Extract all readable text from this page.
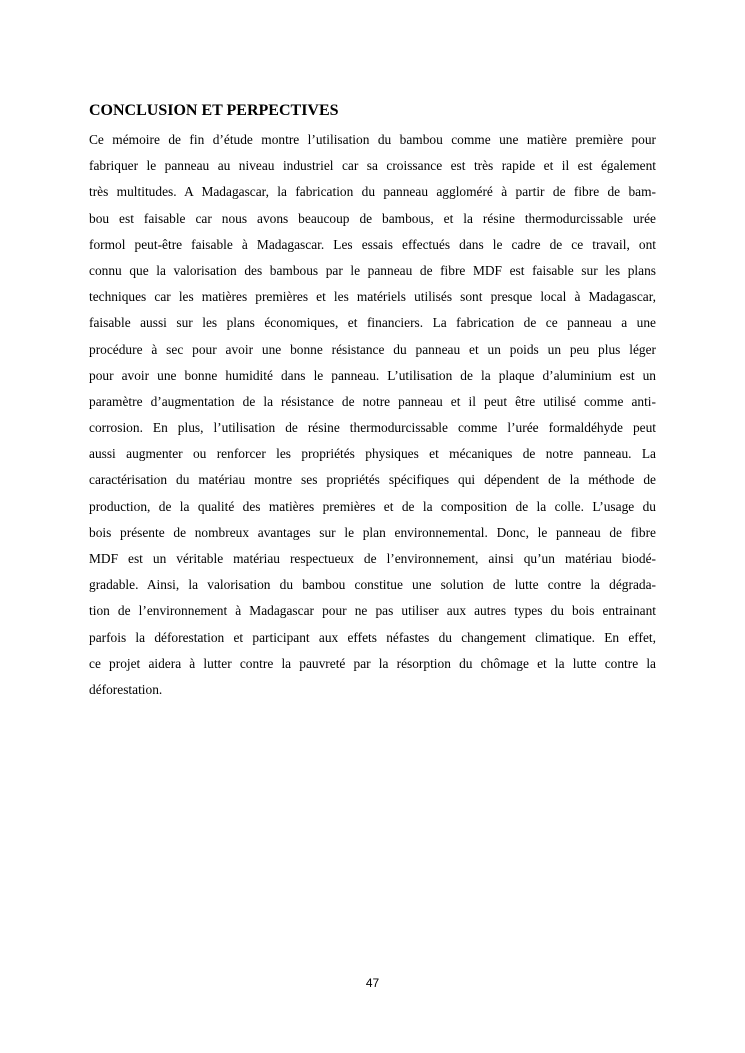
CONCLUSION ET PERPECTIVES
Ce mémoire de fin d’étude montre l’utilisation du bambou comme une matière première pour
fabriquer le panneau au niveau industriel car sa croissance est très rapide et il est également
très multitudes. A Madagascar, la fabrication du panneau aggloméré à partir de fibre de bam-
bou est faisable car nous avons beaucoup de bambous, et la résine thermodurcissable urée
formol peut-être faisable à Madagascar. Les essais effectués dans le cadre de ce travail, ont
connu que la valorisation des bambous par le panneau de fibre MDF est faisable sur les plans
techniques car les matières premières et les matériels utilisés sont presque local à Madagascar,
faisable aussi sur les plans économiques, et financiers. La fabrication de ce panneau a une
procédure à sec pour avoir une bonne résistance du panneau et un poids un peu plus léger
pour avoir une bonne humidité dans le panneau. L’utilisation de la plaque d’aluminium est un
paramètre d’augmentation de la résistance de notre panneau et il peut être utilisé comme anti-
corrosion. En plus, l’utilisation de résine thermodurcissable comme l’urée formaldéhyde peut
aussi augmenter ou renforcer les propriétés physiques et mécaniques de notre panneau. La
caractérisation du matériau montre ses propriétés spécifiques qui dépendent de la méthode de
production, de la qualité des matières premières et de la composition de la colle. L’usage du
bois présente de nombreux avantages sur le plan environnemental. Donc, le panneau de fibre
MDF est un véritable matériau respectueux de l’environnement, ainsi qu’un matériau biodé-
gradable. Ainsi, la valorisation du bambou constitue une solution de lutte contre la dégrada-
tion de l’environnement à Madagascar pour ne pas utiliser aux autres types du bois entrainant
parfois la déforestation et participant aux effets néfastes du changement climatique. En effet,
ce projet aidera à lutter contre la pauvreté par la résorption du chômage et la lutte contre la
déforestation.
47
